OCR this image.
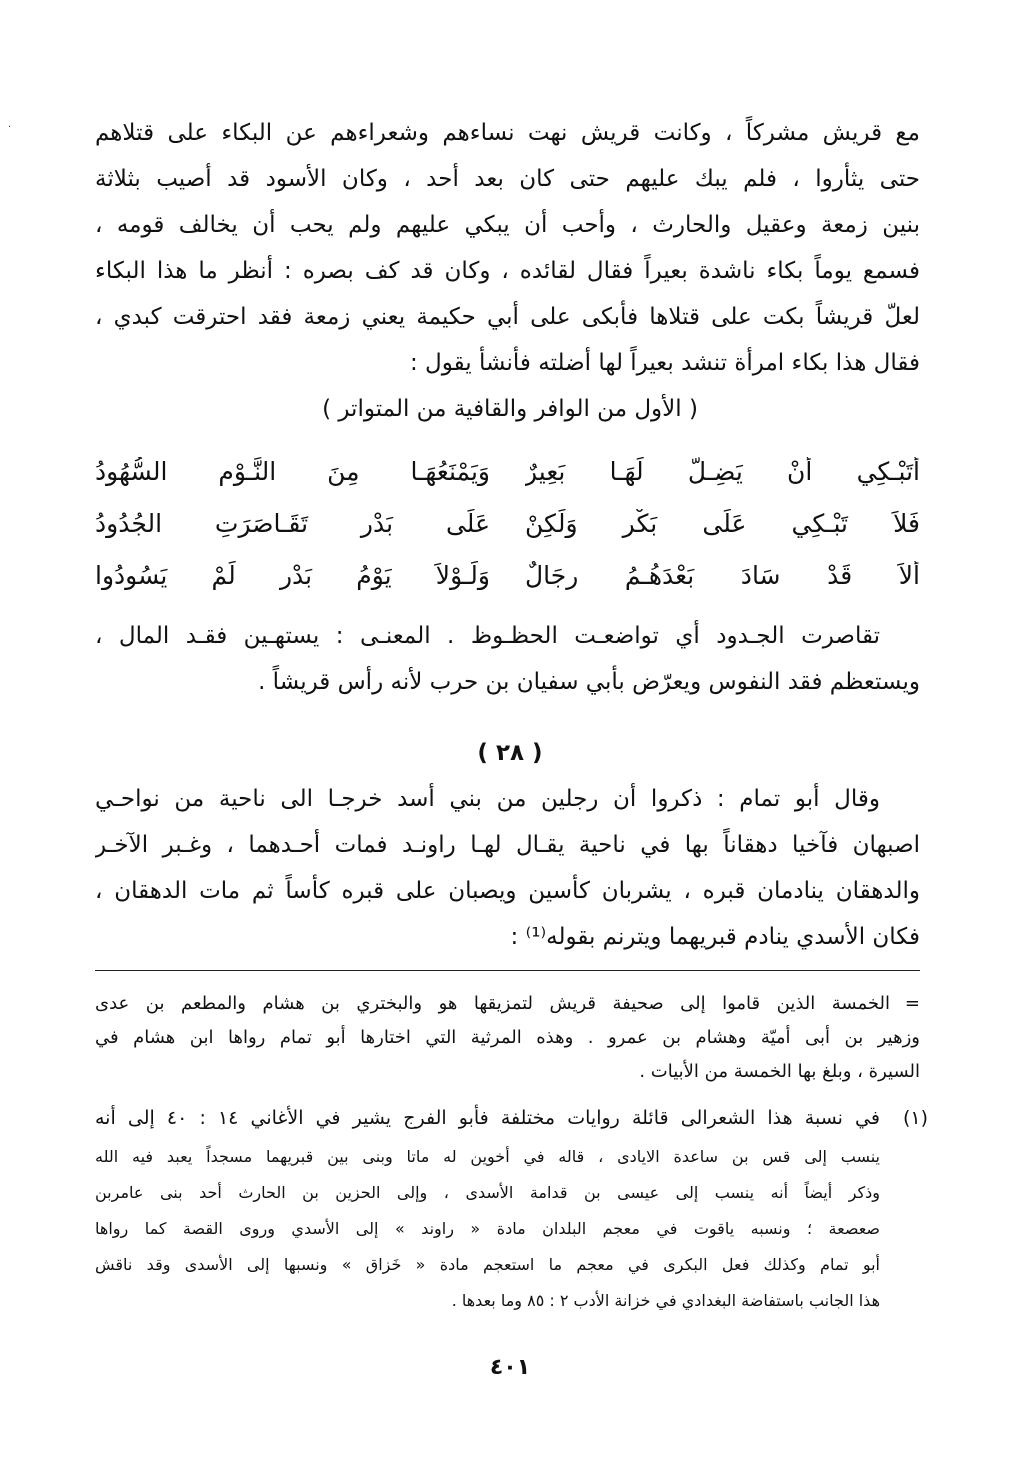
·	مع قريش مشركاً ، وكانت قريش نهت نساءهم وشعراءهم عن البكاء على قتلاهم
حتى يثأروا ، فلم يبك عليهم حتى كان بعد أحد ، وكان الأسود قد أصيب بثلاثة
بنين زمعة وعقيل والحارث ، وأحب أن يبكي عليهم ولم يحب أن يخالف قومه ،
فسمع يوماً بكاء ناشدة بعيراً فقال لقائده ، وكان قد كف بصره : أنظر ما هذا البكاء
لعلّ قريشاً بكت على قتلاها فأبكى على أبي حكيمة يعني زمعة فقد احترقت كبدي ،
فقال هذا بكاء امرأة تنشد بعيراً لها أضلته فأنشأ يقول :
( الأول من الوافر والقافية من المتواتر )
أَتَبْـكِي أَنْ يَضِـلَّ لَهَـا بَعِيرٌ
وَيَمْنَعُهَـا مِنَ النَّـوْمِ السُّهُودُ
فَلاَ تَبْـكِي عَلَى بَكْرٍ وَلَكِنْ
عَلَى بَدْرٍ تَقَـاصَرَتِ الجُدُودُ
أَلاَ قَدْ سَادَ بَعْدَهُـمُ رِجَالٌ
وَلَـوْلاَ يَوْمُ بَدْرٍ لَمْ يَسُودُوا
تقاصرت الجـدود أي تواضعـت الحظـوظ . المعنـى : يستهـين فقـد المال ،
ويستعظم فقد النفوس ويعرّض بأبي سفيان بن حرب لأنه رأس قريشاً .
( ٢٨ )
وقال أبو تمام : ذكروا أن رجلين من بني أسد خرجـا الى ناحية من نواحـي
اصبهان فآخيا دهقاناً بها في ناحية يقـال لهـا راونـد فمات أحـدهما ، وغـبر الآخـر
والدهقان ينادمان قبره ، يشربان كأسين ويصبان على قبره كأساً ثم مات الدهقان ،
فكان الأسدي ينادم قبريهما ويترنم بقوله⁽¹⁾ :
=
الخمسة الذين قاموا إلى صحيفة قريش لتمزيقها هو والبختري بن هشام والمطعم بن عدى
وزهير بن أبى أميّة وهشام بن عمرو . وهذه المرثية التي اختارها أبو تمام رواها ابن هشام في
السيرة ، وبلغ بها الخمسة من الأبيات .
(١)
في نسبة هذا الشعرالى قائلة روايات مختلفة فأبو الفرج يشير في الأغاني ١٤ : ٤٠ إلى أنه
ينسب إلى قس بن ساعدة الايادى ، قاله في أخوين له ماتا وبنى بين قبريهما مسجداً يعبد فيه الله
وذكر أيضاً أنه ينسب إلى عيسى بن قدامة الأسدى ، وإلى الحزين بن الحارث أحد بنى عامربن
صعصعة ؛ ونسبه ياقوت في معجم البلدان مادة « راوند » إلى الأسدي وروى القصة كما رواها
أبو تمام وكذلك فعل البكرى في معجم ما استعجم مادة « خَزاق » ونسبها إلى الأسدى وقد ناقش
هذا الجانب باستفاضة البغدادي في خزانة الأدب ٢ : ٨٥ وما بعدها .
٤٠١
